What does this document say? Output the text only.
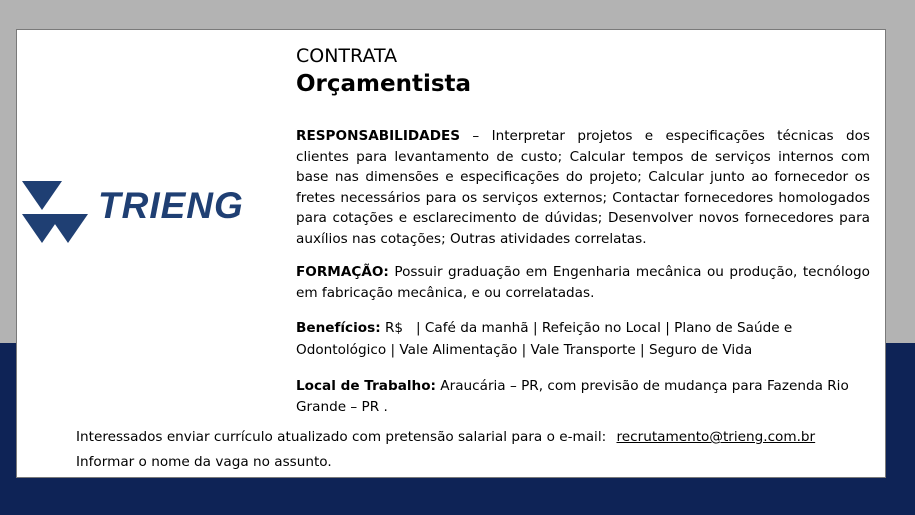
TRIENG
CONTRATA
Orçamentista
RESPONSABILIDADES – Interpretar projetos e especificações técnicas dos clientes para levantamento de custo; Calcular tempos de serviços internos com base nas dimensões e especificações do projeto; Calcular junto ao fornecedor os fretes necessários para os serviços externos; Contactar fornecedores homologados para cotações e esclarecimento de dúvidas; Desenvolver novos fornecedores para auxílios nas cotações; Outras atividades correlatas.
FORMAÇÃO: Possuir graduação em Engenharia mecânica ou produção, tecnólogo em fabricação mecânica, e ou correlatadas.
Benefícios: R$   | Café da manhã | Refeição no Local | Plano de Saúde e Odontológico | Vale Alimentação | Vale Transporte | Seguro de Vida
Local de Trabalho: Araucária – PR, com previsão de mudança para Fazenda Rio Grande – PR .
Interessados enviar currículo atualizado com pretensão salarial para o e-mail: recrutamento@trieng.com.br
Informar o nome da vaga no assunto.
